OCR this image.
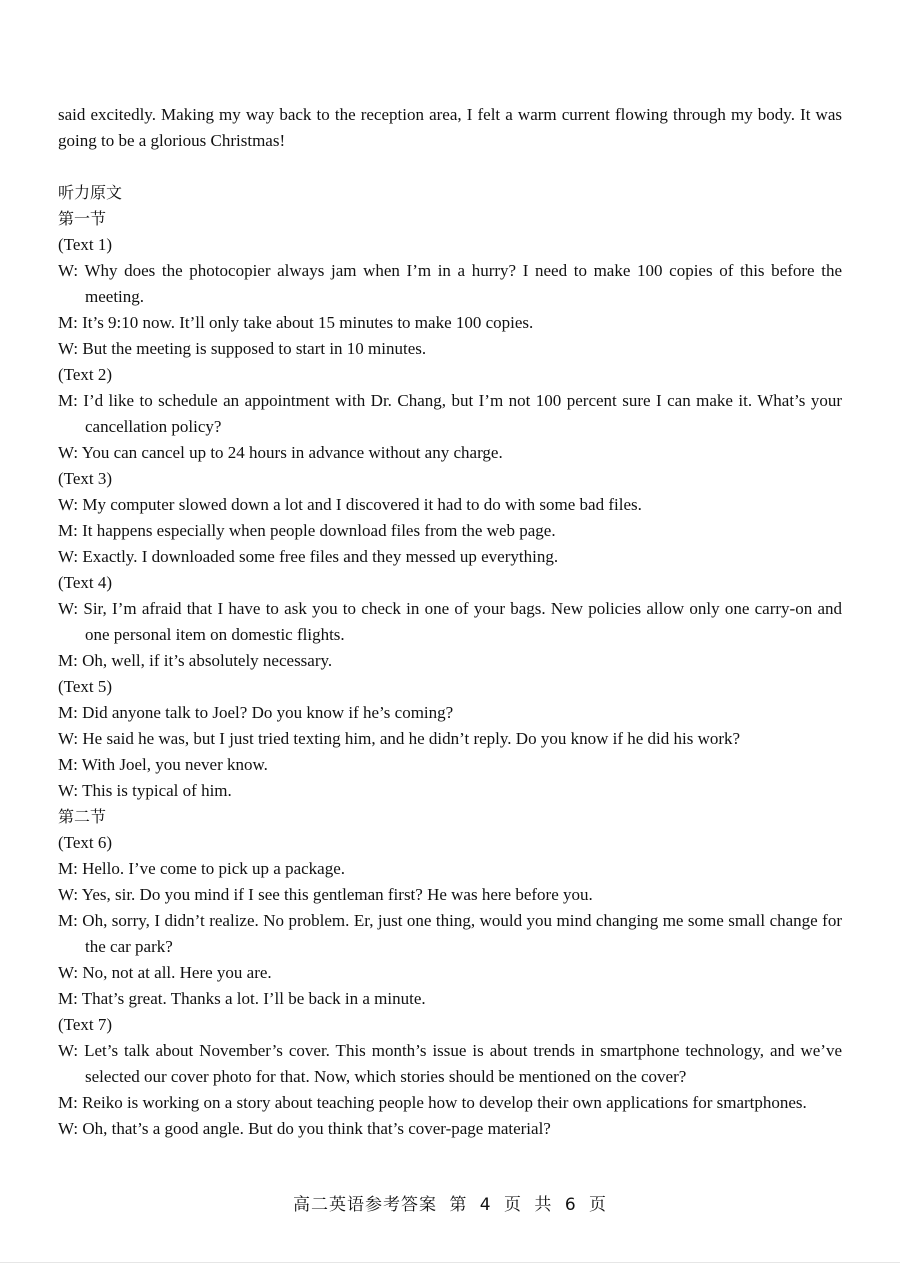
said excitedly. Making my way back to the reception area, I felt a warm current flowing through my body. It was going to be a glorious Christmas!

听力原文

第一节

(Text 1)

W: Why does the photocopier always jam when I’m in a hurry? I need to make 100 copies of this before the meeting.

M: It’s 9:10 now. It’ll only take about 15 minutes to make 100 copies.

W: But the meeting is supposed to start in 10 minutes.

(Text 2)

M: I’d like to schedule an appointment with Dr. Chang, but I’m not 100 percent sure I can make it. What’s your cancellation policy?

W: You can cancel up to 24 hours in advance without any charge.

(Text 3)

W: My computer slowed down a lot and I discovered it had to do with some bad files.

M: It happens especially when people download files from the web page.

W: Exactly. I downloaded some free files and they messed up everything.

(Text 4)

W: Sir, I’m afraid that I have to ask you to check in one of your bags. New policies allow only one carry-on and one personal item on domestic flights.

M: Oh, well, if it’s absolutely necessary.

(Text 5)

M: Did anyone talk to Joel? Do you know if he’s coming?

W: He said he was, but I just tried texting him, and he didn’t reply. Do you know if he did his work?

M: With Joel, you never know.

W: This is typical of him.

第二节

(Text 6)

M: Hello. I’ve come to pick up a package.

W: Yes, sir. Do you mind if I see this gentleman first? He was here before you.

M: Oh, sorry, I didn’t realize. No problem. Er, just one thing, would you mind changing me some small change for the car park?

W: No, not at all. Here you are.

M: That’s great. Thanks a lot. I’ll be back in a minute.

(Text 7)

W: Let’s talk about November’s cover. This month’s issue is about trends in smartphone technology, and we’ve selected our cover photo for that. Now, which stories should be mentioned on the cover?

M: Reiko is working on a story about teaching people how to develop their own applications for smartphones.

W: Oh, that’s a good angle. But do you think that’s cover-page material?

高二英语参考答案 第 4 页 共 6 页
